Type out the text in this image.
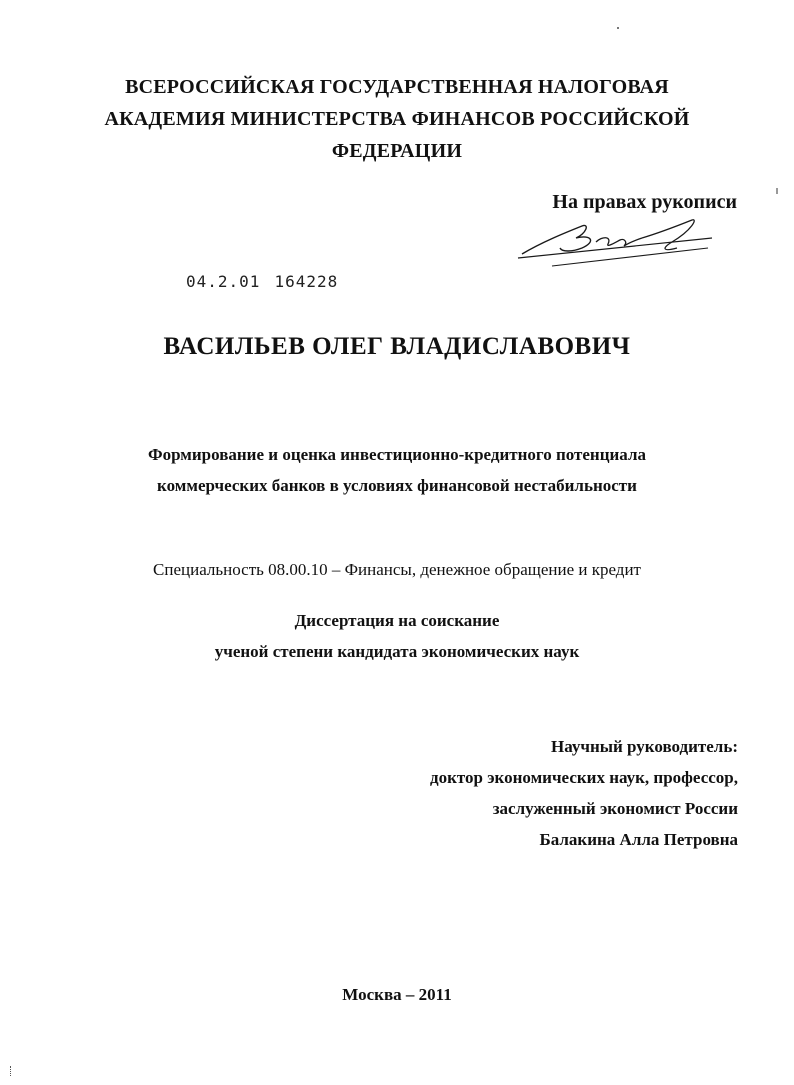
ВСЕРОССИЙСКАЯ ГОСУДАРСТВЕННАЯ НАЛОГОВАЯ
АКАДЕМИЯ МИНИСТЕРСТВА ФИНАНСОВ РОССИЙСКОЙ
ФЕДЕРАЦИИ
На правах рукописи
04.2.01 164228
ВАСИЛЬЕВ ОЛЕГ ВЛАДИСЛАВОВИЧ
Формирование и оценка инвестиционно-кредитного потенциала
коммерческих банков в условиях финансовой нестабильности
Специальность 08.00.10 – Финансы, денежное обращение и кредит
Диссертация на соискание
ученой степени кандидата экономических наук
Научный руководитель:
доктор экономических наук, профессор,
заслуженный экономист России
Балакина Алла Петровна
Москва – 2011
